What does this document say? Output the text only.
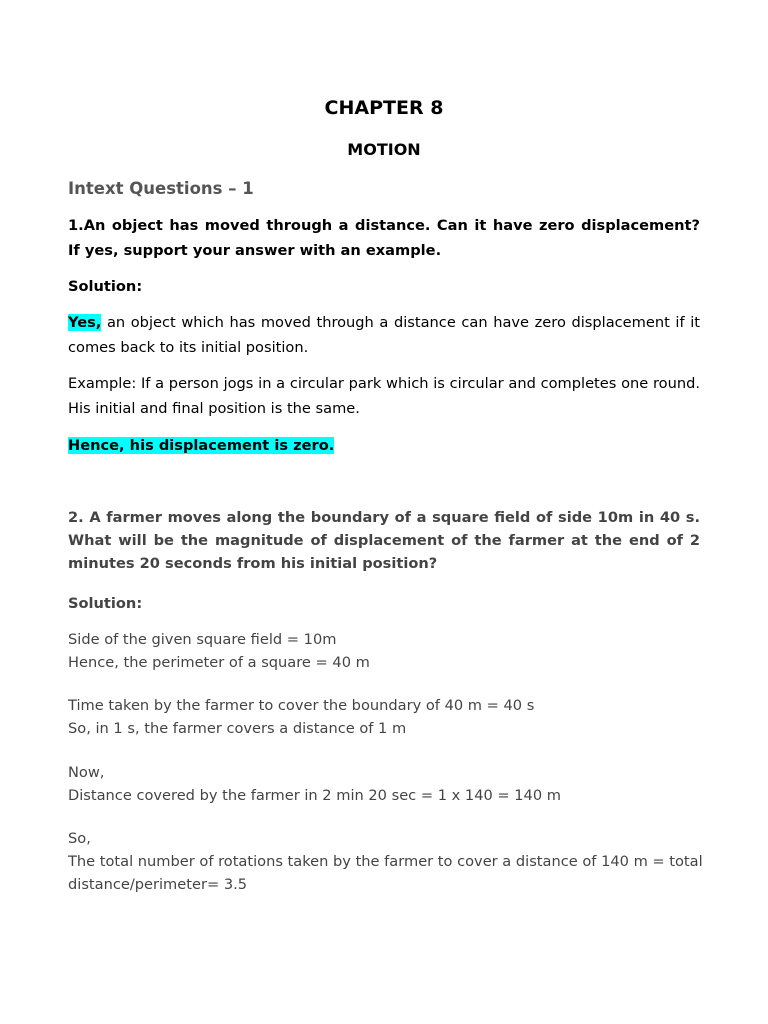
CHAPTER 8
MOTION
Intext Questions – 1

1.An object has moved through a distance. Can it have zero displacement? If yes, support your answer with an example.

Solution:

Yes, an object which has moved through a distance can have zero displacement if it comes back to its initial position.

Example: If a person jogs in a circular park which is circular and completes one round. His initial and final position is the same.

Hence, his displacement is zero.

2. A farmer moves along the boundary of a square field of side 10m in 40 s. What will be the magnitude of displacement of the farmer at the end of 2 minutes 20 seconds from his initial position?

Solution:

Side of the given square field = 10m
Hence, the perimeter of a square = 40 m
Time taken by the farmer to cover the boundary of 40 m = 40 s
So, in 1 s, the farmer covers a distance of 1 m
Now,
Distance covered by the farmer in 2 min 20 sec = 1 x 140 = 140 m
So,
The total number of rotations taken by the farmer to cover a distance of 140 m = total
distance/perimeter= 3.5
